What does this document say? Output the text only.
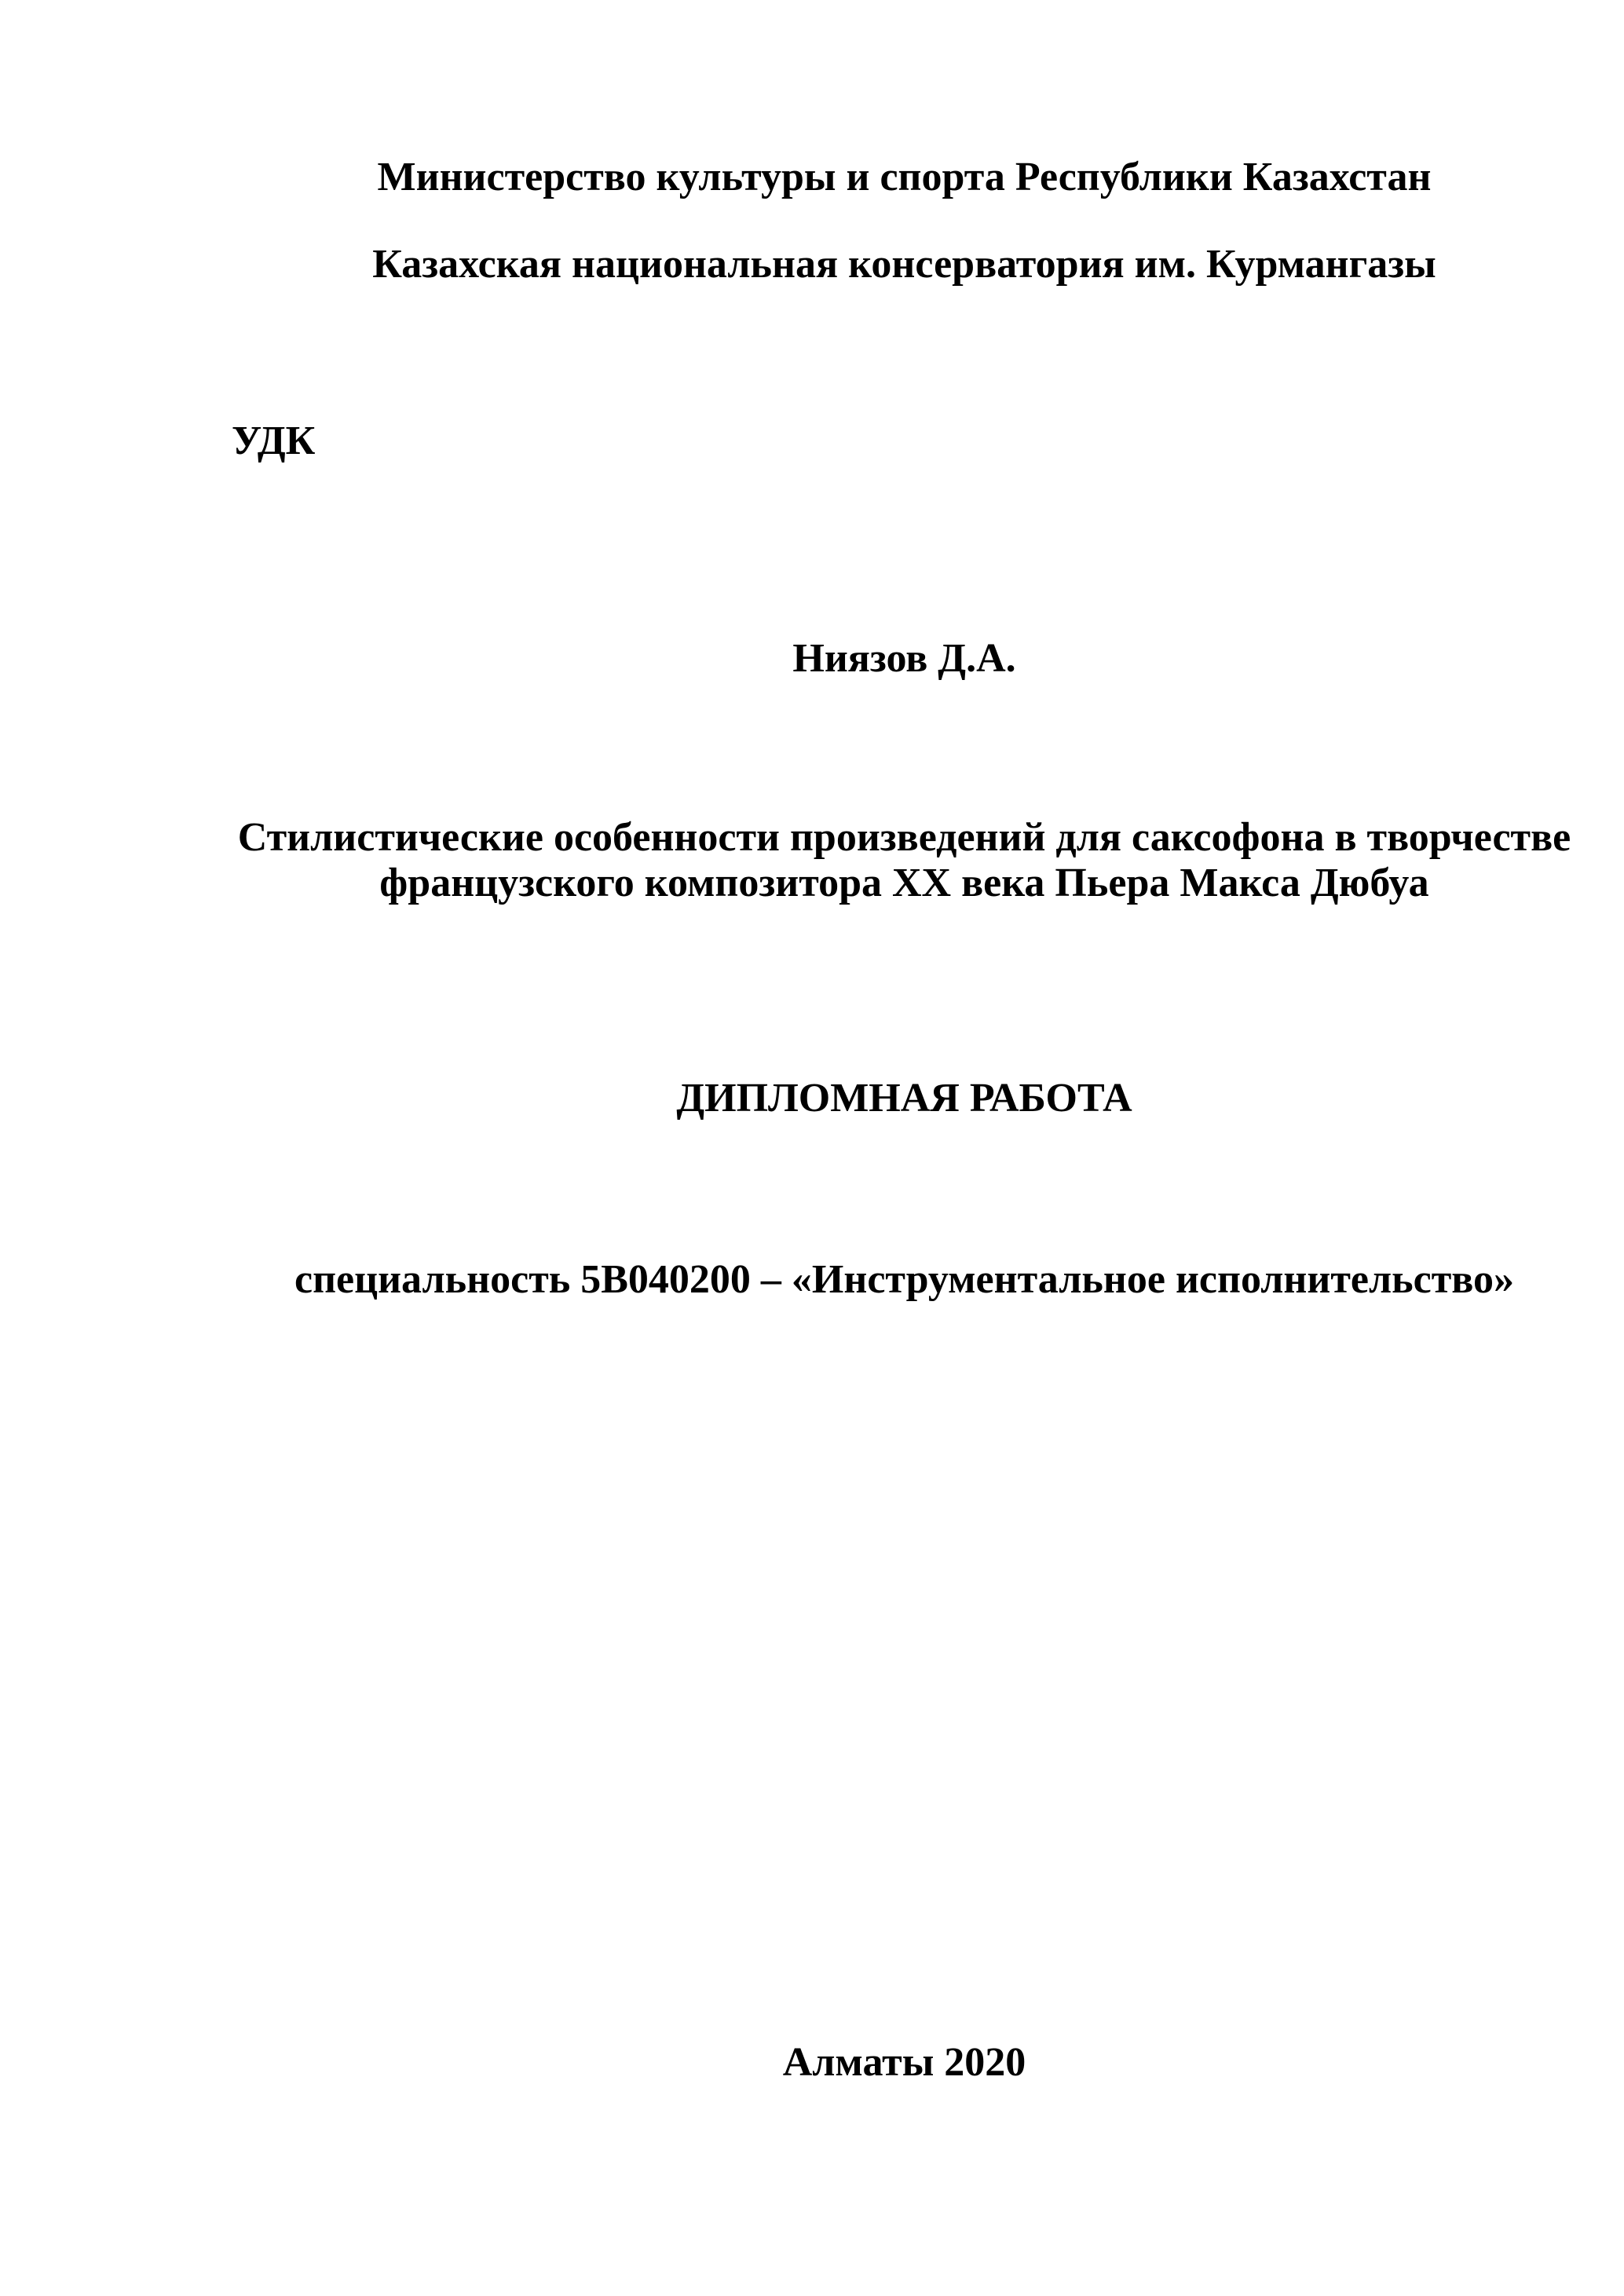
Министерство культуры и спорта Республики Казахстан
Казахская национальная консерватория им. Курмангазы
УДК
Ниязов Д.А.
Стилистические особенности произведений для саксофона в творчестве
французского композитора XX века Пьера Макса Дюбуа
ДИПЛОМНАЯ РАБОТА
специальность 5В040200 – «Инструментальное исполнительство»
Алматы 2020
